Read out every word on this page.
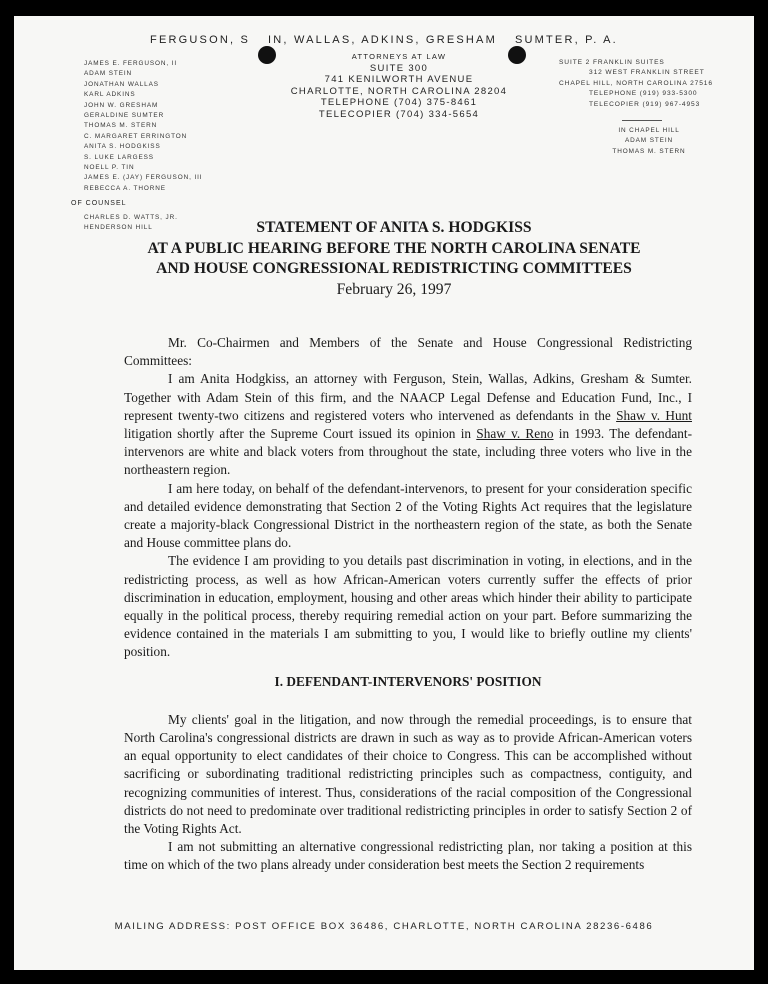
FERGUSON, S IN, WALLAS, ADKINS, GRESHAM SUMTER, P. A.
ATTORNEYS AT LAW
SUITE 300
741 KENILWORTH AVENUE
CHARLOTTE, NORTH CAROLINA 28204
TELEPHONE (704) 375-8461
TELECOPIER (704) 334-5654
JAMES E. FERGUSON, II
ADAM STEIN
JONATHAN WALLAS
KARL ADKINS
JOHN W. GRESHAM
GERALDINE SUMTER
THOMAS M. STERN
C. MARGARET ERRINGTON
ANITA S. HODGKISS
S. LUKE LARGESS
NOELL P. TIN
JAMES E. (JAY) FERGUSON, III
REBECCA A. THORNE
OF COUNSEL
CHARLES D. WATTS, JR.
HENDERSON HILL
SUITE 2 FRANKLIN SUITES
312 WEST FRANKLIN STREET
CHAPEL HILL, NORTH CAROLINA 27516
TELEPHONE (919) 933-5300
TELECOPIER (919) 967-4953
IN CHAPEL HILL
ADAM STEIN
THOMAS M. STERN
STATEMENT OF ANITA S. HODGKISS
AT A PUBLIC HEARING BEFORE THE NORTH CAROLINA SENATE
AND HOUSE CONGRESSIONAL REDISTRICTING COMMITTEES
February 26, 1997

Mr. Co-Chairmen and Members of the Senate and House Congressional Redistricting Committees:

I am Anita Hodgkiss, an attorney with Ferguson, Stein, Wallas, Adkins, Gresham & Sumter. Together with Adam Stein of this firm, and the NAACP Legal Defense and Education Fund, Inc., I represent twenty-two citizens and registered voters who intervened as defendants in the Shaw v. Hunt litigation shortly after the Supreme Court issued its opinion in Shaw v. Reno in 1993. The defendant-intervenors are white and black voters from throughout the state, including three voters who live in the northeastern region.

I am here today, on behalf of the defendant-intervenors, to present for your consideration specific and detailed evidence demonstrating that Section 2 of the Voting Rights Act requires that the legislature create a majority-black Congressional District in the northeastern region of the state, as both the Senate and House committee plans do.

The evidence I am providing to you details past discrimination in voting, in elections, and in the redistricting process, as well as how African-American voters currently suffer the effects of prior discrimination in education, employment, housing and other areas which hinder their ability to participate equally in the political process, thereby requiring remedial action on your part. Before summarizing the evidence contained in the materials I am submitting to you, I would like to briefly outline my clients' position.

I. DEFENDANT-INTERVENORS' POSITION

My clients' goal in the litigation, and now through the remedial proceedings, is to ensure that North Carolina's congressional districts are drawn in such as way as to provide African-American voters an equal opportunity to elect candidates of their choice to Congress. This can be accomplished without sacrificing or subordinating traditional redistricting principles such as compactness, contiguity, and recognizing communities of interest. Thus, considerations of the racial composition of the Congressional districts do not need to predominate over traditional redistricting principles in order to satisfy Section 2 of the Voting Rights Act.

I am not submitting an alternative congressional redistricting plan, nor taking a position at this time on which of the two plans already under consideration best meets the Section 2 requirements

MAILING ADDRESS: POST OFFICE BOX 36486, CHARLOTTE, NORTH CAROLINA 28236-6486
